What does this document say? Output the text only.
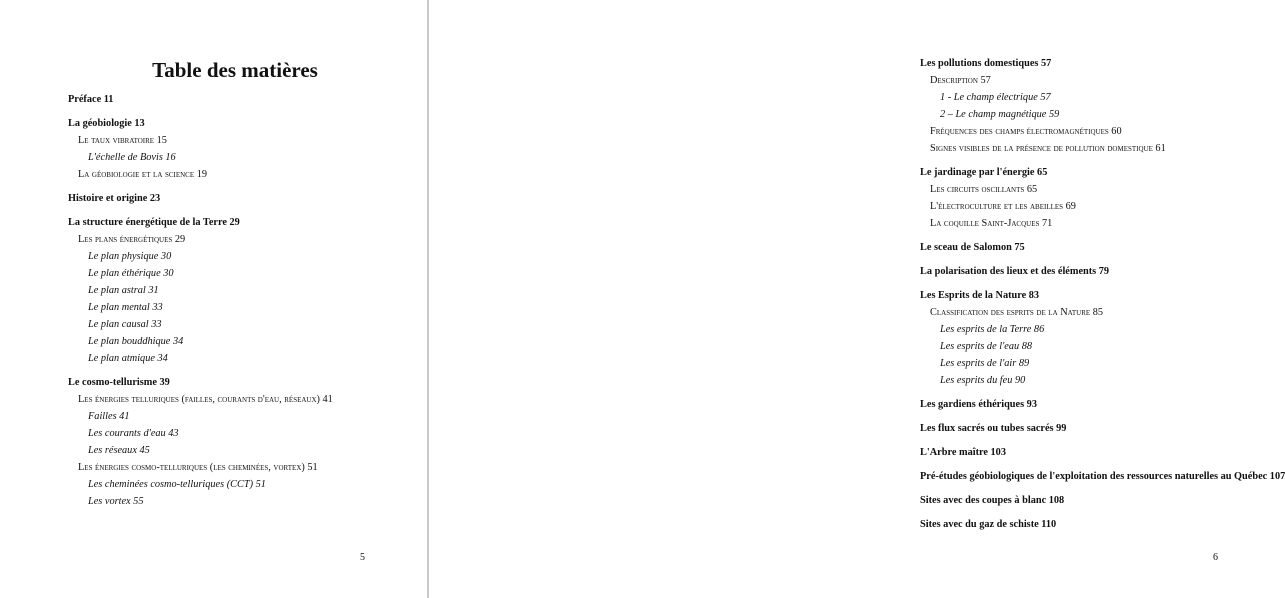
Table des matières
Préface 11
La géobiologie 13
Le taux vibratoire 15
L'échelle de Bovis 16
La géobiologie et la science 19
Histoire et origine 23
La structure énergétique de la Terre 29
Les plans énergétiques 29
Le plan physique 30
Le plan éthérique 30
Le plan astral 31
Le plan mental 33
Le plan causal 33
Le plan bouddhique 34
Le plan atmique 34
Le cosmo-tellurisme 39
Les énergies telluriques (failles, courants d'eau, réseaux) 41
Failles 41
Les courants d'eau 43
Les réseaux 45
Les énergies cosmo-telluriques (les cheminées, vortex) 51
Les cheminées cosmo-telluriques (CCT) 51
Les vortex 55
5
Les pollutions domestiques 57
Description 57
1 - Le champ électrique 57
2 – Le champ magnétique 59
Fréquences des champs électromagnétiques 60
Signes visibles de la présence de pollution domestique 61
Le jardinage par l'énergie 65
Les circuits oscillants 65
L'électroculture et les abeilles 69
La coquille Saint-Jacques 71
Le sceau de Salomon 75
La polarisation des lieux et des éléments 79
Les Esprits de la Nature 83
Classification des esprits de la Nature 85
Les esprits de la Terre 86
Les esprits de l'eau 88
Les esprits de l'air 89
Les esprits du feu 90
Les gardiens éthériques 93
Les flux sacrés ou tubes sacrés 99
L'Arbre maître 103
Pré-études géobiologiques de l'exploitation des ressources naturelles au Québec 107
Sites avec des coupes à blanc 108
Sites avec du gaz de schiste 110
6
